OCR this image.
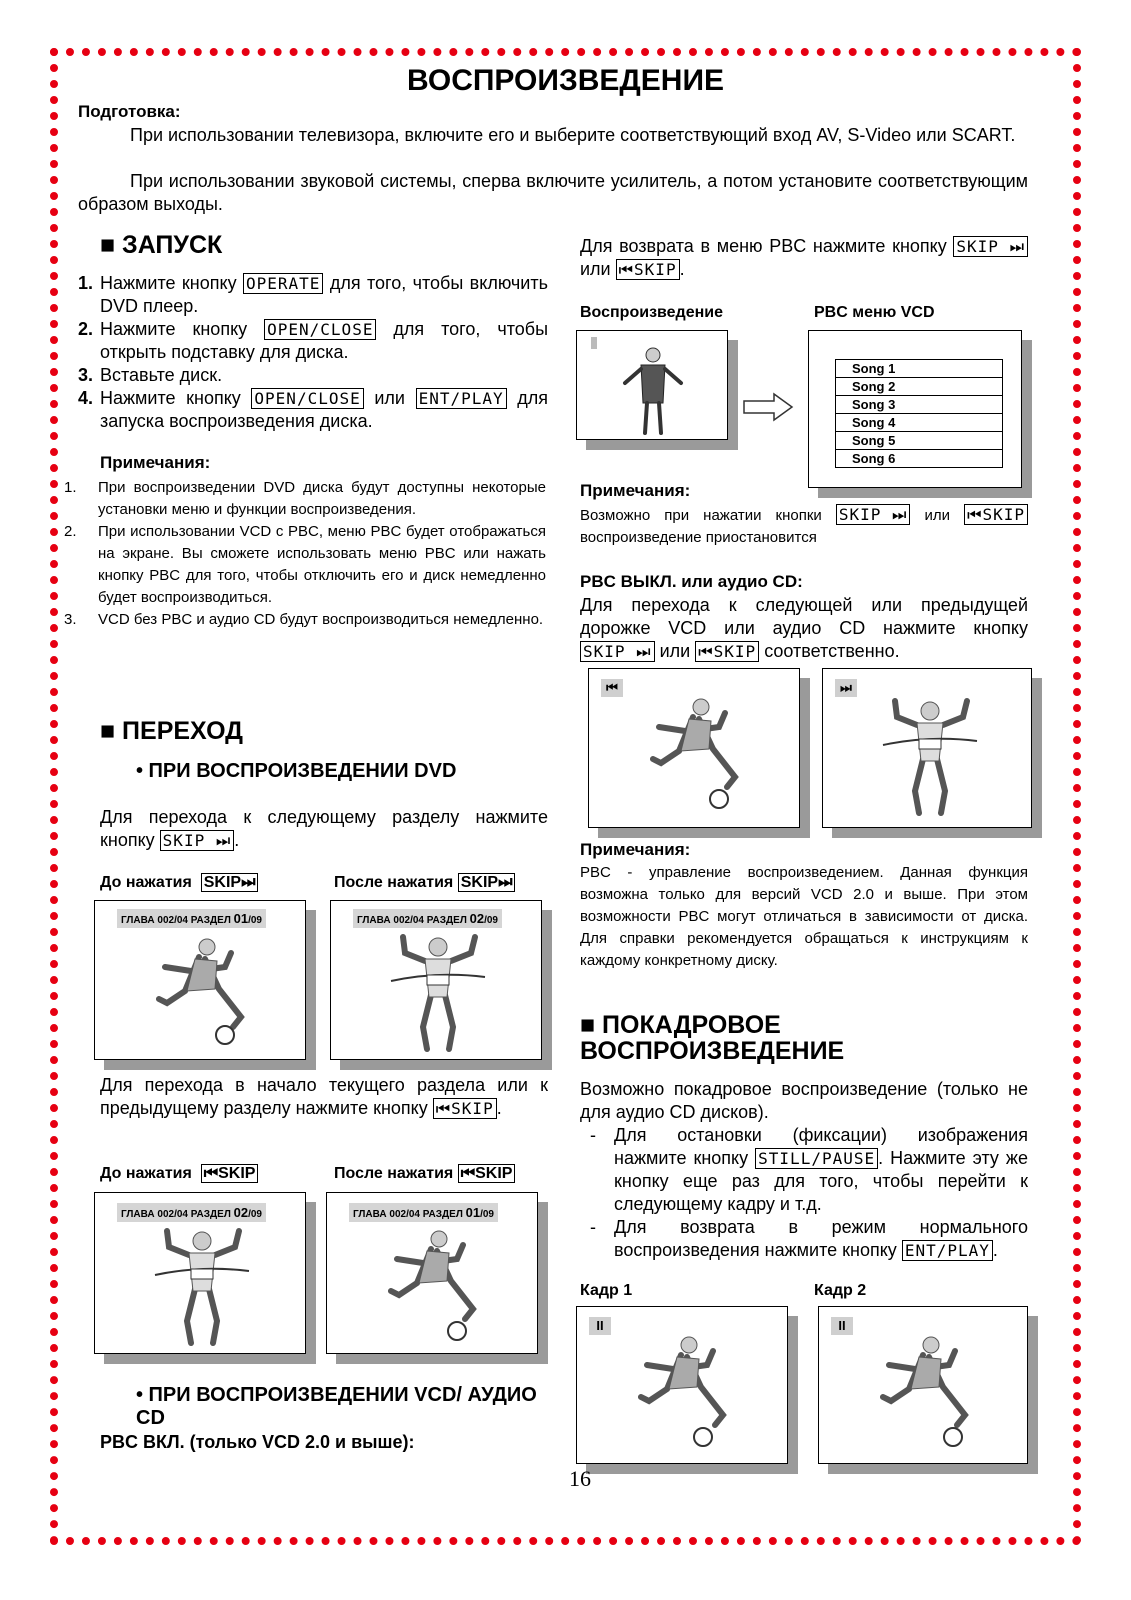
ВОСПРОИЗВЕДЕНИЕ
Подготовка:
При использовании телевизора, включите его и выберите соответствующий вход AV, S-Video или SCART.
При использовании звуковой системы, сперва включите усилитель, а потом установите соответствующим образом выходы.
■ ЗАПУСК
1. Нажмите кнопку OPERATE для того, чтобы включить DVD плеер.
2. Нажмите кнопку OPEN/CLOSE для того, чтобы открыть подставку для диска.
3. Вставьте диск.
4. Нажмите кнопку OPEN/CLOSE или ENT/PLAY для запуска воспроизведения диска.
Примечания:
1. При воспроизведении DVD диска будут доступны некоторые установки меню и функции воспроизведения.
2. При использовании VCD с PBC, меню PBC будет отображаться на экране. Вы сможете использовать меню PBC или нажать кнопку PBC для того, чтобы отключить его и диск немедленно будет воспроизводиться.
3. VCD без PBC и аудио CD будут воспроизводиться немедленно.
■ ПЕРЕХОД
• ПРИ ВОСПРОИЗВЕДЕНИИ DVD
Для перехода к следующему разделу нажмите кнопку SKIP ⏭ .
До нажатия SKIP⏭	После нажатия SKIP⏭
ГЛАВА 002/04 РАЗДЕЛ 01/09	ГЛАВА 002/04 РАЗДЕЛ 02/09
Для перехода в начало текущего раздела или к предыдущему разделу нажмите кнопку ⏮SKIP .
До нажатия ⏮SKIP	После нажатия ⏮SKIP
ГЛАВА 002/04 РАЗДЕЛ 02/09	ГЛАВА 002/04 РАЗДЕЛ 01/09
• ПРИ ВОСПРОИЗВЕДЕНИИ VCD/ АУДИО CD
PBC ВКЛ. (только VCD 2.0 и выше):
Для возврата в меню PBC нажмите кнопку SKIP ⏭ или ⏮SKIP .
Воспроизведение	PBC меню VCD
Song 1
Song 2
Song 3
Song 4
Song 5
Song 6
Примечания:
Возможно при нажатии кнопки SKIP ⏭ или ⏮SKIP воспроизведение приостановится
PBC ВЫКЛ. или аудио CD:
Для перехода к следующей или предыдущей дорожке VCD или аудио CD нажмите кнопку SKIP ⏭ или ⏮SKIP соответственно.
⏮	⏭
Примечания:
PBC - управление воспроизведением. Данная функция возможна только для версий VCD 2.0 и выше. При этом возможности PBC могут отличаться в зависимости от диска. Для справки рекомендуется обращаться к инструкциям к каждому конкретному диску.
■ ПОКАДРОВОЕ ВОСПРОИЗВЕДЕНИЕ
Возможно покадровое воспроизведение (только не для аудио CD дисков).
- Для остановки (фиксации) изображения нажмите кнопку STILL/PAUSE . Нажмите эту же кнопку еще раз для того, чтобы перейти к следующему кадру и т.д.
- Для возврата в режим нормального воспроизведения нажмите кнопку ENT/PLAY .
Кадр 1	Кадр 2
II	II
16
